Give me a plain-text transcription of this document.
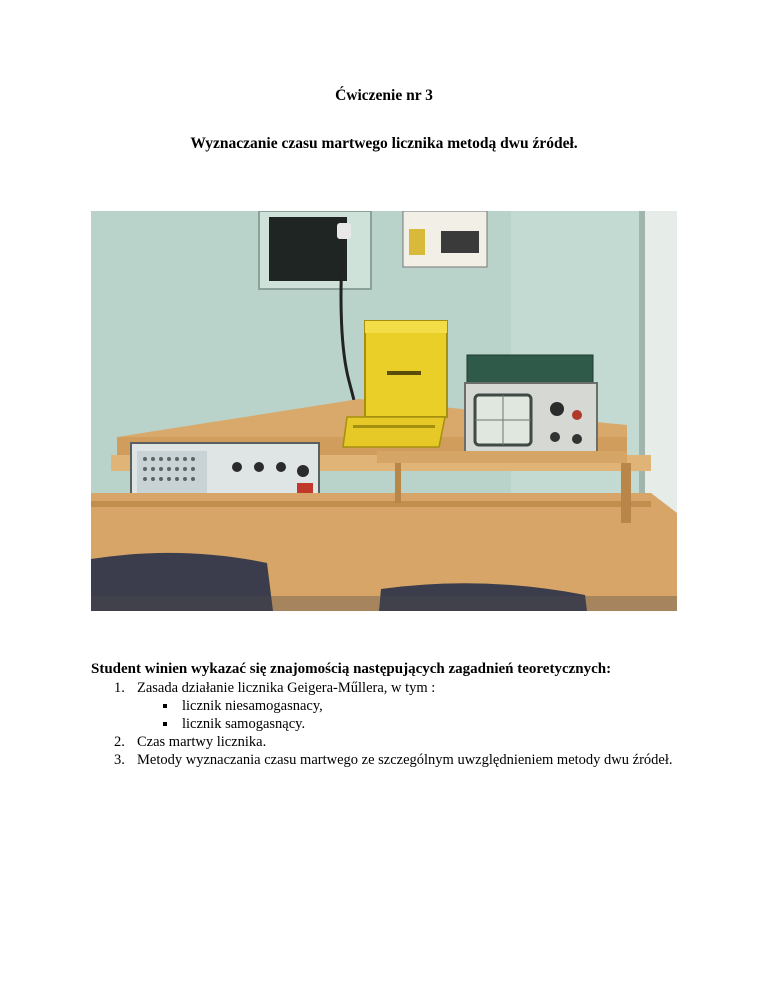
Ćwiczenie nr 3
Wyznaczanie czasu martwego licznika metodą dwu źródeł.

Student winien wykazać się znajomością następujących zagadnień teoretycznych:

1. Zasada działanie licznika Geigera-Műllera, w tym :
licznik niesamogasnacy,
licznik samogasnący.
2. Czas martwy licznika.
3. Metody wyznaczania czasu martwego ze szczególnym uwzględnieniem metody dwu źródeł.
